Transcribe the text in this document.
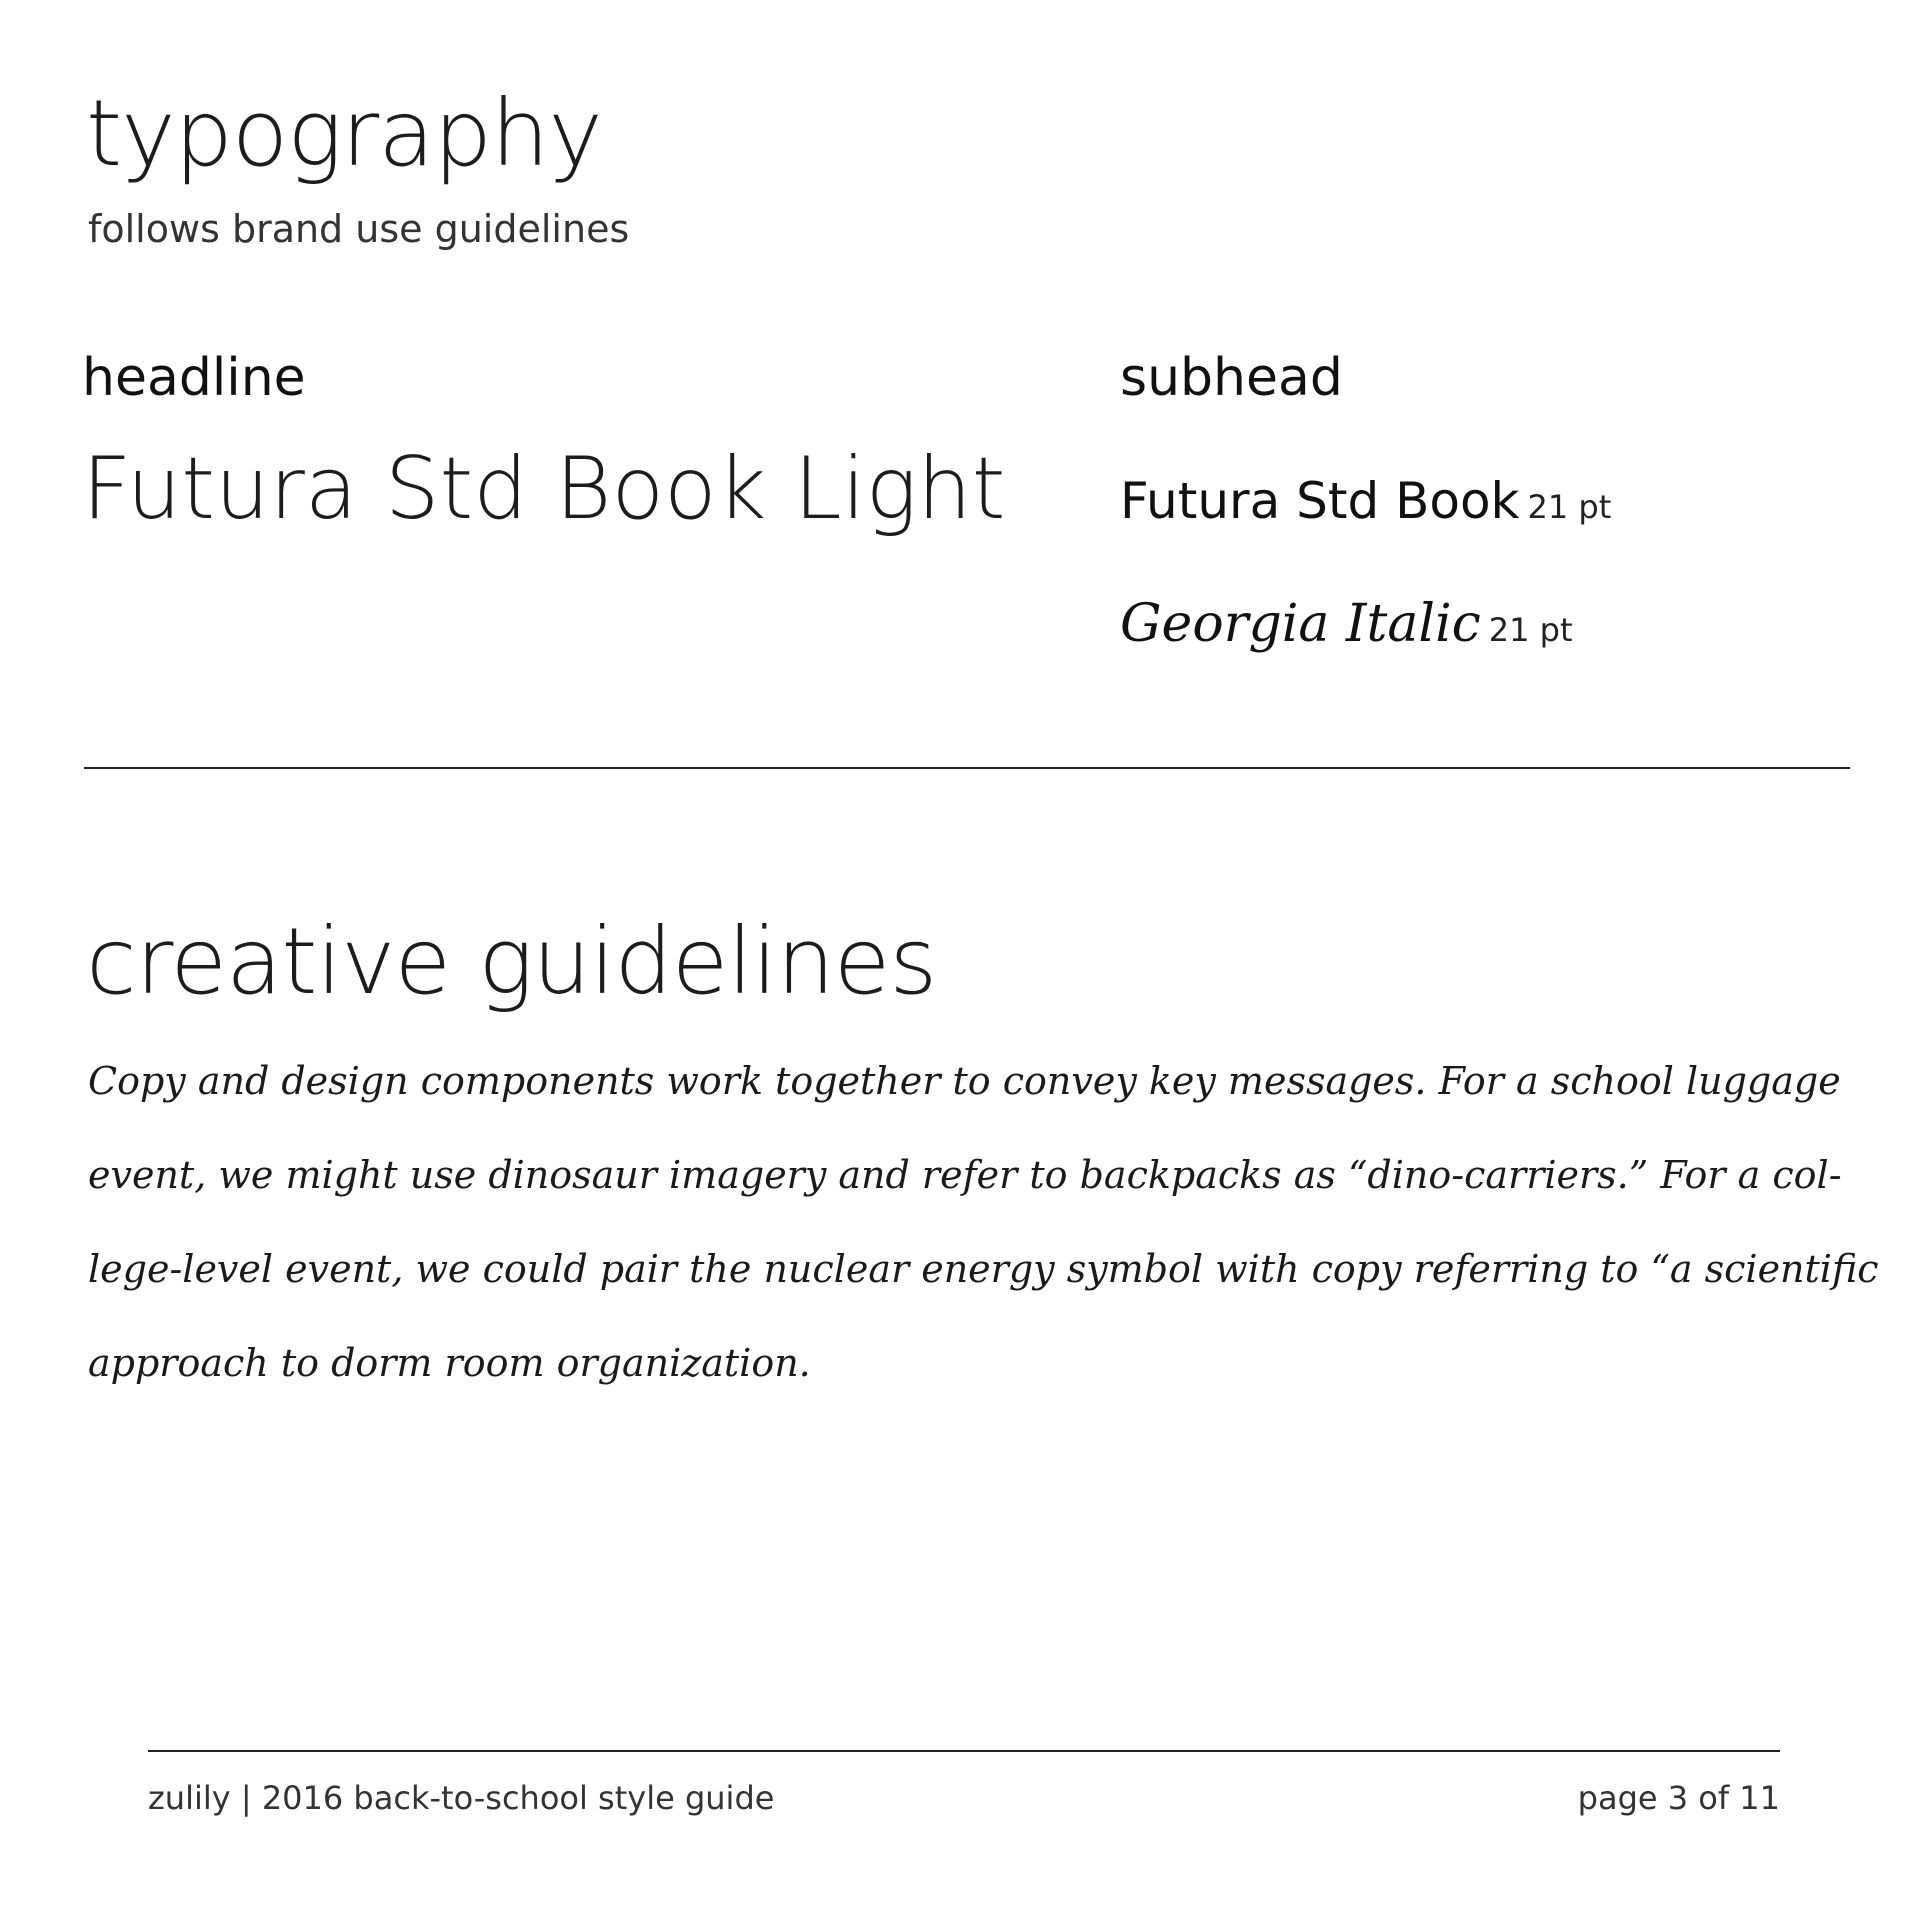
typography
follows brand use guidelines
headline
Futura Std Book Light
subhead
Futura Std Book 21 pt
Georgia Italic 21 pt
creative guidelines

Copy and design components work together to convey key messages. For a school luggage
event, we might use dinosaur imagery and refer to backpacks as “dino-carriers.” For a col-
lege-level event, we could pair the nuclear energy symbol with copy referring to “a scientific
approach to dorm room organization.

zulily | 2016 back-to-school style guide	page 3 of 11
